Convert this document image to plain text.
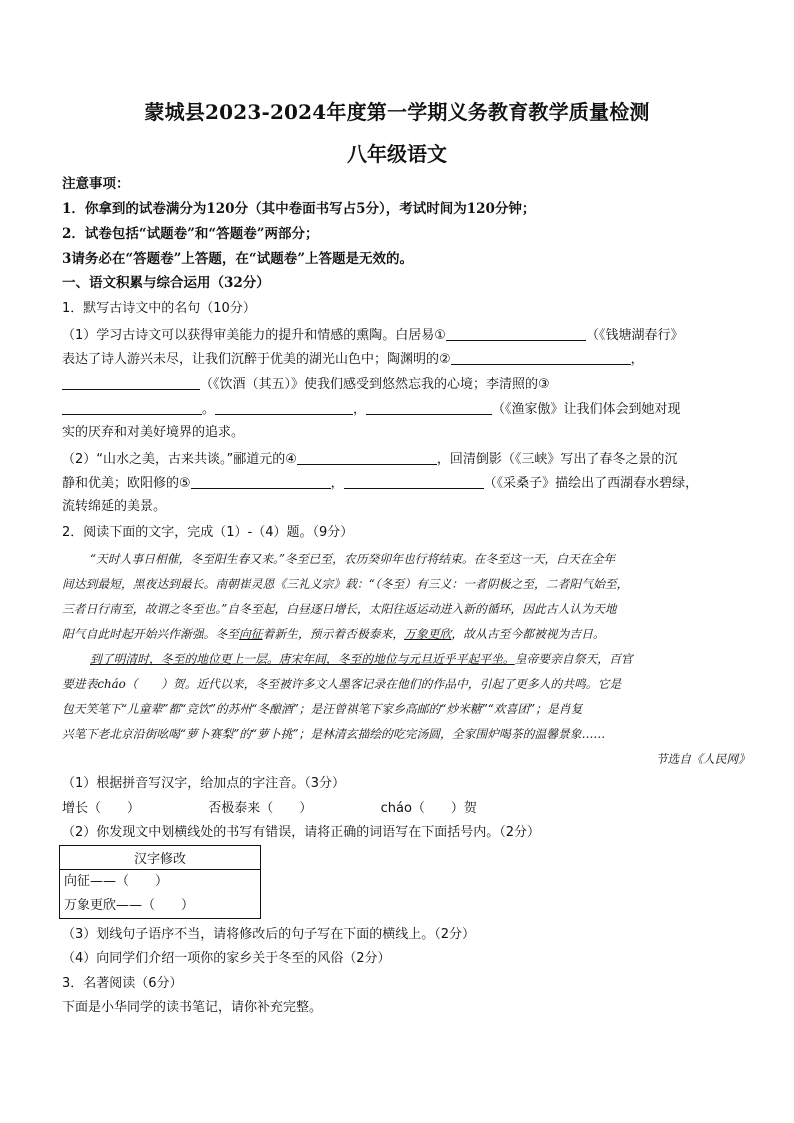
蒙城县2023-2024年度第一学期义务教育教学质量检测
八年级语文
注意事项：
1．你拿到的试卷满分为120分（其中卷面书写占5分），考试时间为120分钟；
2．试卷包括“试题卷”和“答题卷”两部分；
3请务必在“答题卷”上答题，在“试题卷”上答题是无效的。
一、语文积累与综合运用（32分）
1．默写古诗文中的名句（10分）
（1）学习古诗文可以获得审美能力的提升和情感的熏陶。白居易①	（《钱塘湖春行》
表达了诗人游兴未尽，让我们沉醉于优美的湖光山色中；陶渊明的②	，
（《饮酒（其五）》使我们感受到悠然忘我的心境；李清照的③
。	，	（《渔家傲》让我们体会到她对现
实的厌弃和对美好境界的追求。
（2）“山水之美，古来共谈。”郦道元的④	，回清倒影（《三峡》写出了春冬之景的沉
静和优美；欧阳修的⑤	，	（《采桑子》描绘出了西湖春水碧绿，
流转绵延的美景。
2．阅读下面的文字，完成（1）-（4）题。（9分）
“天时人事日相催，冬至阳生春又来。”冬至已至，农历癸卯年也行将结束。在冬至这一天，白天在全年
间达到最短，黑夜达到最长。南朝崔灵恩《三礼义宗》载：“（冬至）有三义：一者阴极之至，二者阳气始至，
三者日行南至，故谓之冬至也。”自冬至起，白昼逐日增长，太阳往返运动进入新的循环，因此古人认为天地
阳气自此时起开始兴作渐强。冬至向征着新生，预示着否极泰来，万象更欣，故从古至今都被视为吉日。
到了明清时，冬至的地位更上一层。唐宋年间，冬至的地位与元旦近乎平起平坐。皇帝要亲自祭天，百官
要进表cháo（　　）贺。近代以来，冬至被许多文人墨客记录在他们的作品中，引起了更多人的共鸣。它是
包天笑笔下“儿童辈”都“竞饮”的苏州“冬酿酒”；是汪曾祺笔下家乡高邮的“炒米糖”“欢喜团”；是肖复
兴笔下老北京沿街吆喝“萝卜赛梨”的“萝卜挑”；是林清玄描绘的吃完汤圆，全家围炉喝茶的温馨景象……
节选自《人民网》
（1）根据拼音写汉字，给加点的字注音。（3分）
增长（　　）	否极泰来（　　）	cháo（　　）贺
（2）你发现文中划横线处的书写有错误，请将正确的词语写在下面括号内。（2分）
汉字修改

向征——（　　）
万象更欣——（　　）
（3）划线句子语序不当，请将修改后的句子写在下面的横线上。（2分）
（4）向同学们介绍一项你的家乡关于冬至的风俗（2分）
3．名著阅读（6分）
下面是小华同学的读书笔记，请你补充完整。
